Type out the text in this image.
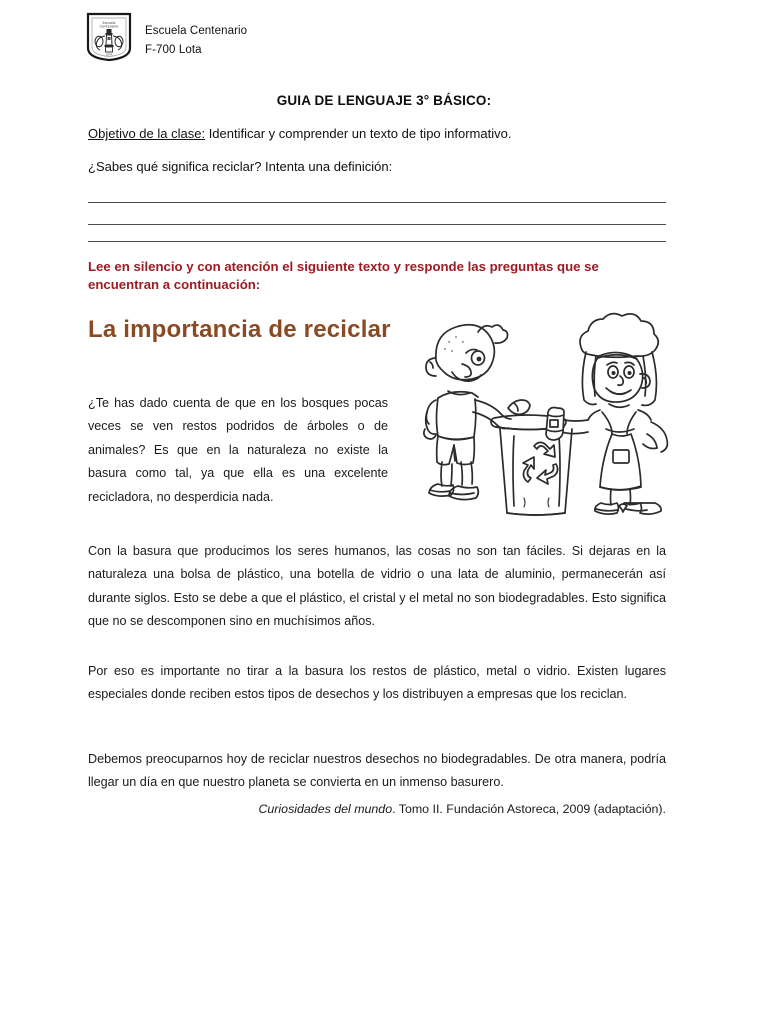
Escuela
Centenario
LOTA
Escuela Centenario
F-700 Lota
GUIA DE LENGUAJE 3° BÁSICO:
Objetivo de la clase: Identificar y comprender un texto de tipo informativo.
¿Sabes qué significa reciclar? Intenta una definición:
Lee en silencio y con atención el siguiente texto y responde las preguntas que se encuentran a continuación:
La importancia de reciclar
¿Te has dado cuenta de que en los bosques pocas veces se ven restos podridos de árboles o de animales? Es que en la naturaleza no existe la basura como tal, ya que ella es una excelente recicladora, no desperdicia nada.
Con la basura que producimos los seres humanos, las cosas no son tan fáciles. Si dejaras en la naturaleza una bolsa de plástico, una botella de vidrio o una lata de aluminio, permanecerán así durante siglos. Esto se debe a que el plástico, el cristal y el metal no son biodegradables. Esto significa que no se descomponen sino en muchísimos años.
Por eso es importante no tirar a la basura los restos de plástico, metal o vidrio. Existen lugares especiales donde reciben estos tipos de desechos y los distribuyen a empresas que los reciclan.
Debemos preocuparnos hoy de reciclar nuestros desechos no biodegradables. De otra manera, podría llegar un día en que nuestro planeta se convierta en un inmenso basurero.
Curiosidades del mundo. Tomo II. Fundación Astoreca, 2009 (adaptación).
